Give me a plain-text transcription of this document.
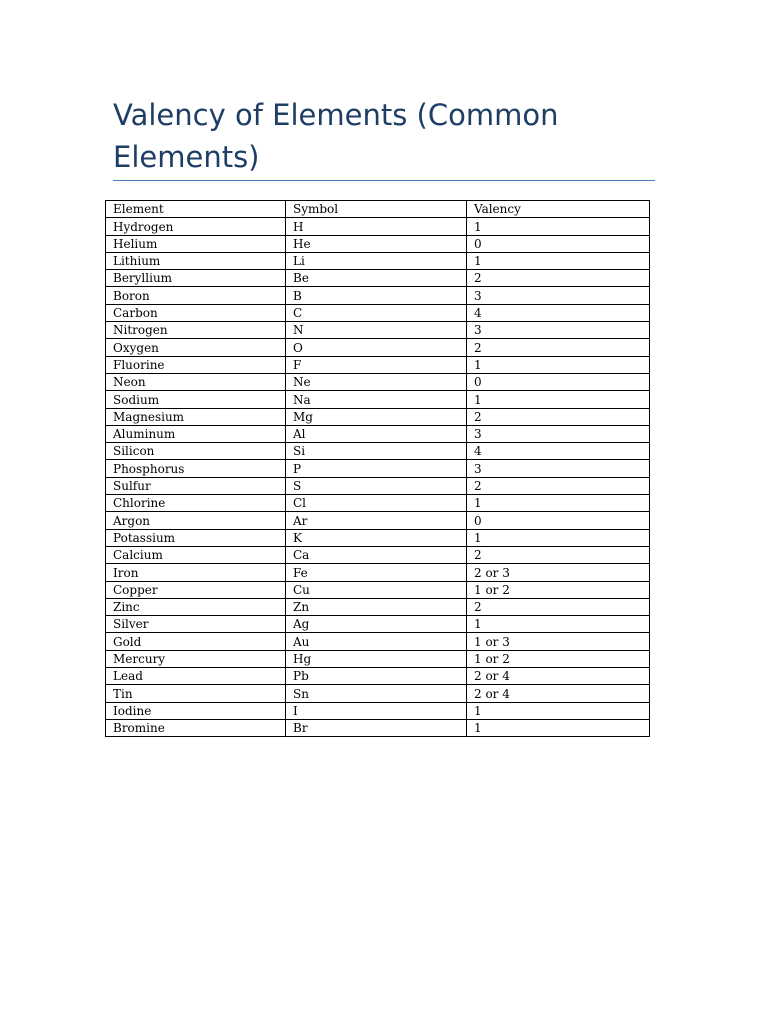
Valency of Elements (Common Elements)
Element	Symbol	Valency
Hydrogen	H	1
Helium	He	0
Lithium	Li	1
Beryllium	Be	2
Boron	B	3
Carbon	C	4
Nitrogen	N	3
Oxygen	O	2
Fluorine	F	1
Neon	Ne	0
Sodium	Na	1
Magnesium	Mg	2
Aluminum	Al	3
Silicon	Si	4
Phosphorus	P	3
Sulfur	S	2
Chlorine	Cl	1
Argon	Ar	0
Potassium	K	1
Calcium	Ca	2
Iron	Fe	2 or 3
Copper	Cu	1 or 2
Zinc	Zn	2
Silver	Ag	1
Gold	Au	1 or 3
Mercury	Hg	1 or 2
Lead	Pb	2 or 4
Tin	Sn	2 or 4
Iodine	I	1
Bromine	Br	1
